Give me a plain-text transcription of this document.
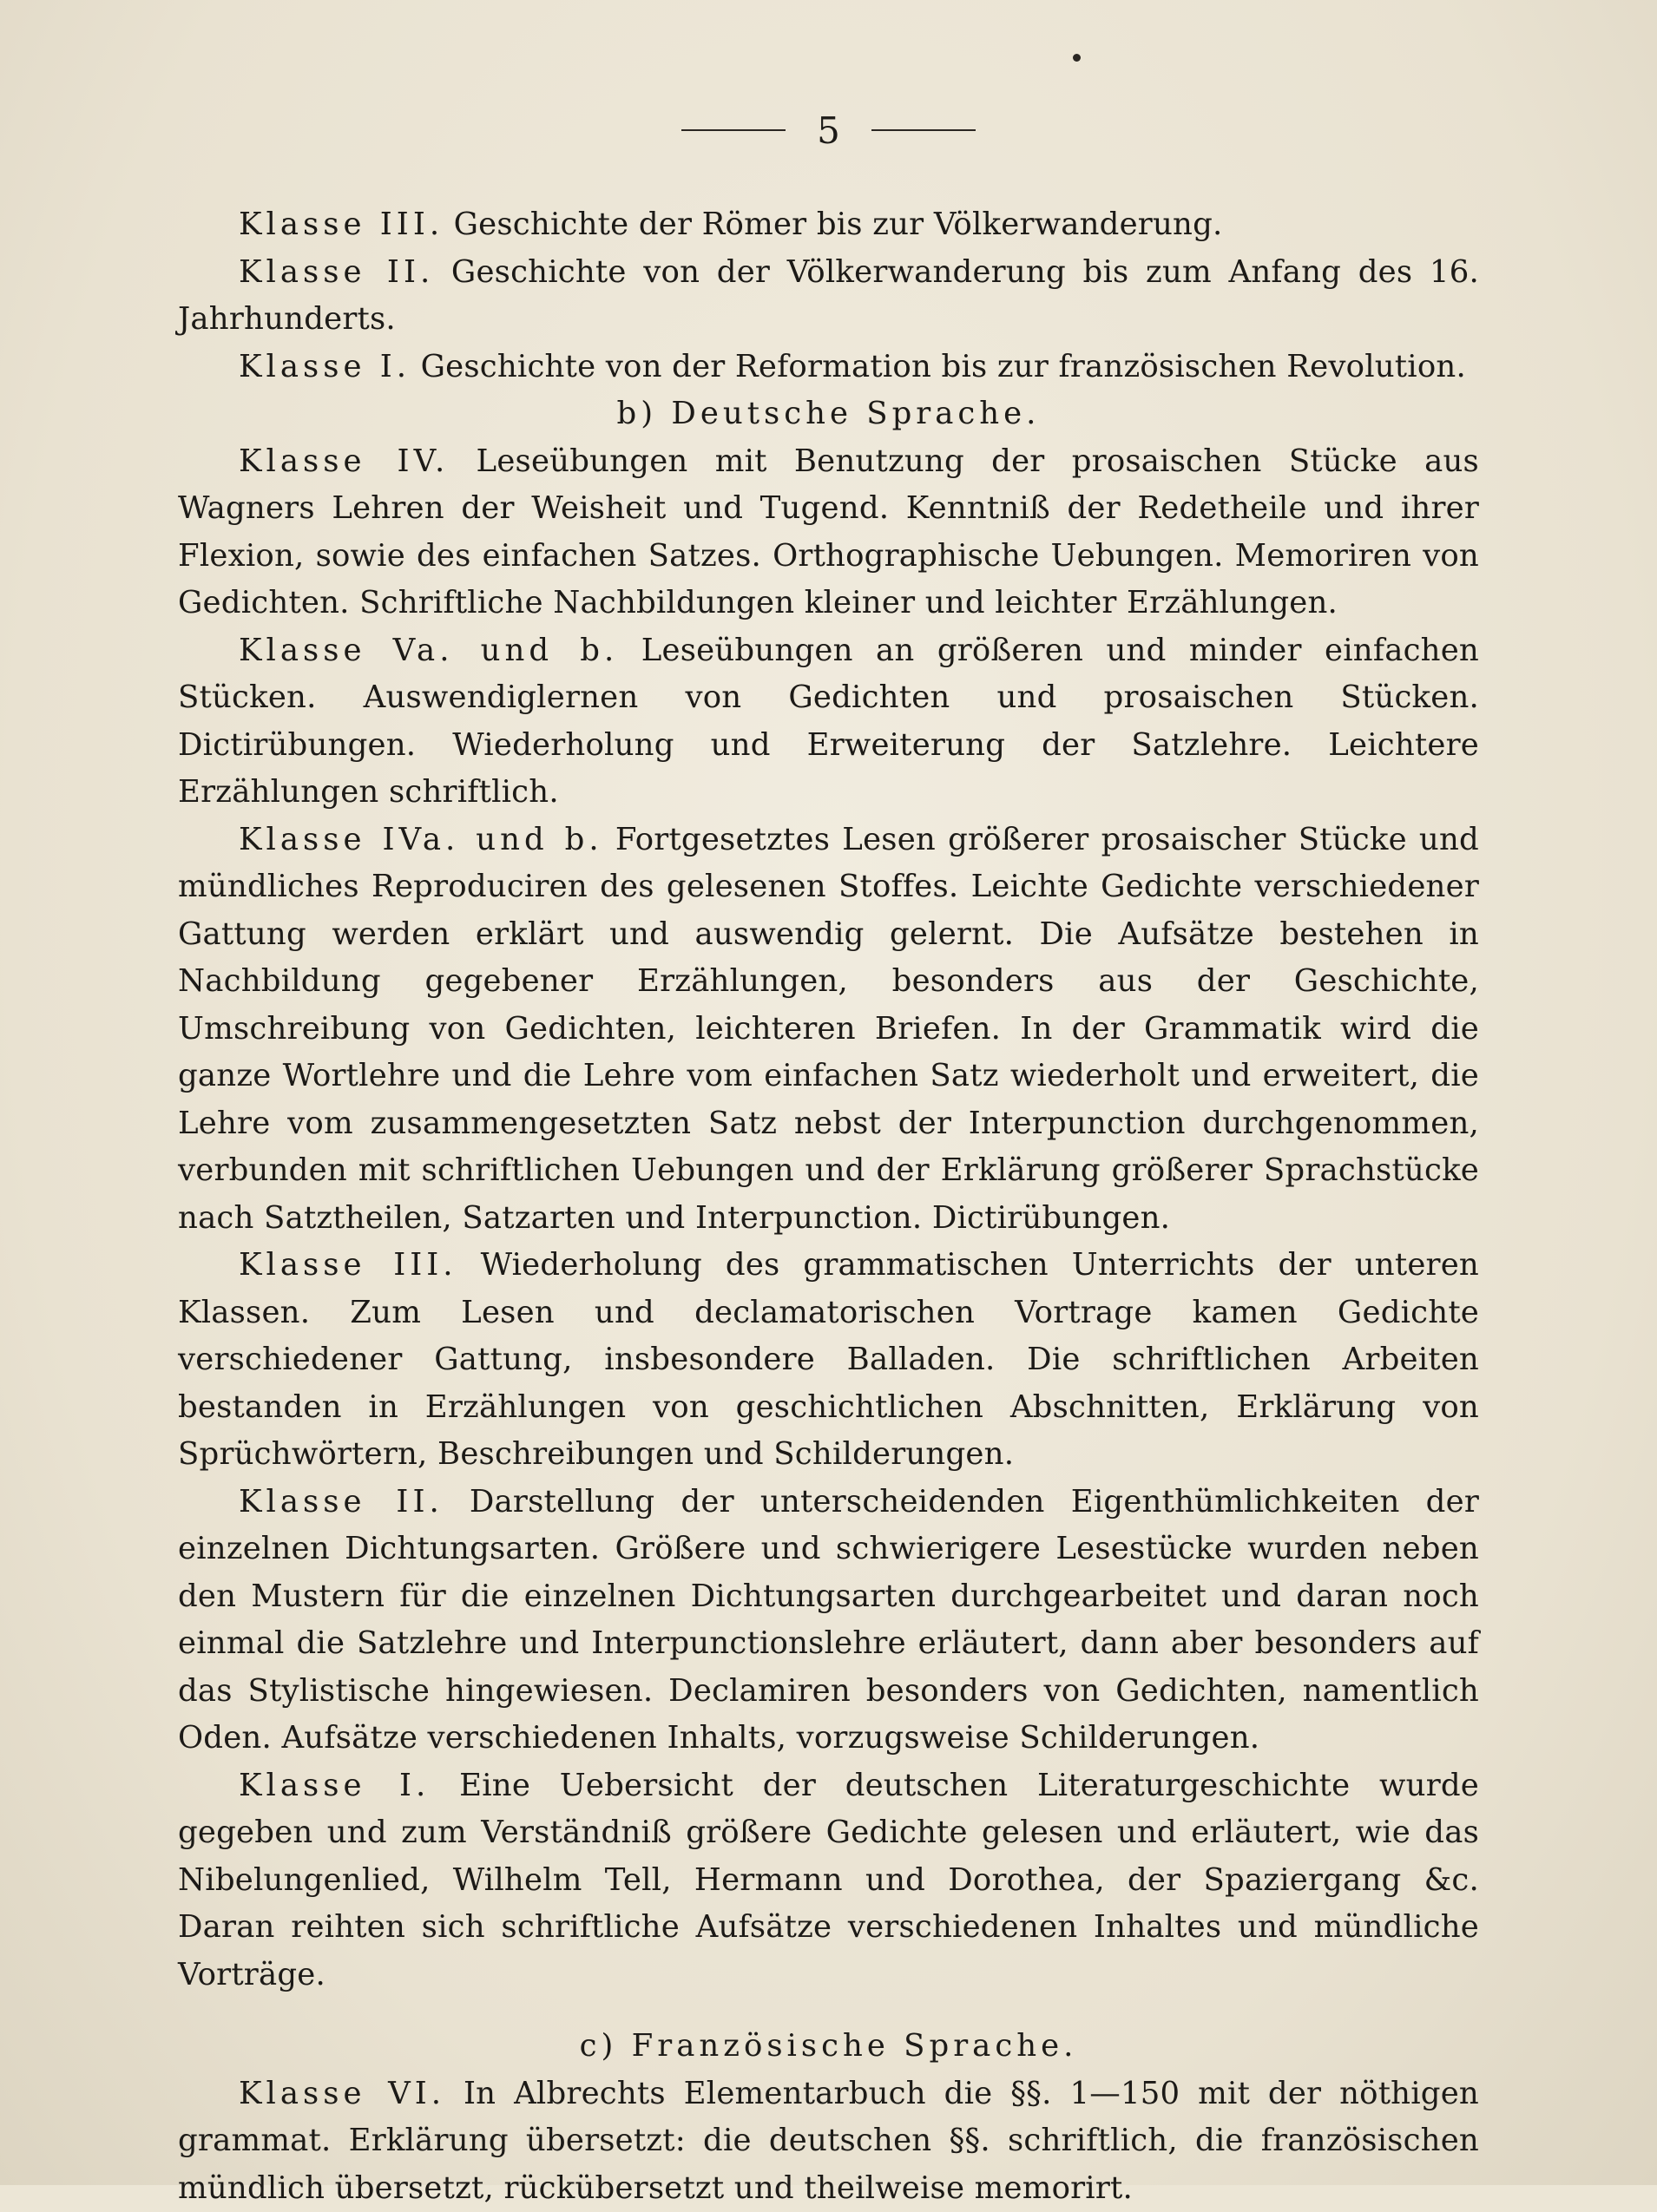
5

Klasse III. Geschichte der Römer bis zur Völkerwanderung.

Klasse II. Geschichte von der Völkerwanderung bis zum Anfang des 16. Jahrhunderts.

Klasse I. Geschichte von der Reformation bis zur französischen Revolution.

b) Deutsche Sprache.

Klasse IV. Leseübungen mit Benutzung der prosaischen Stücke aus Wagners Lehren der Weisheit und Tugend. Kenntniß der Redetheile und ihrer Flexion, sowie des einfachen Satzes. Orthographische Uebungen. Memoriren von Gedichten. Schriftliche Nachbildungen kleiner und leichter Erzählungen.

Klasse Va. und b. Leseübungen an größeren und minder einfachen Stücken. Auswendiglernen von Gedichten und prosaischen Stücken. Dictirübungen. Wiederholung und Erweiterung der Satzlehre. Leichtere Erzählungen schriftlich.

Klasse IVa. und b. Fortgesetztes Lesen größerer prosaischer Stücke und mündliches Reproduciren des gelesenen Stoffes. Leichte Gedichte verschiedener Gattung werden erklärt und auswendig gelernt. Die Aufsätze bestehen in Nachbildung gegebener Erzählungen, besonders aus der Geschichte, Umschreibung von Gedichten, leichteren Briefen. In der Grammatik wird die ganze Wortlehre und die Lehre vom einfachen Satz wiederholt und erweitert, die Lehre vom zusammengesetzten Satz nebst der Interpunction durchgenommen, verbunden mit schriftlichen Uebungen und der Erklärung größerer Sprachstücke nach Satztheilen, Satzarten und Interpunction. Dictirübungen.

Klasse III. Wiederholung des grammatischen Unterrichts der unteren Klassen. Zum Lesen und declamatorischen Vortrage kamen Gedichte verschiedener Gattung, insbesondere Balladen. Die schriftlichen Arbeiten bestanden in Erzählungen von geschichtlichen Abschnitten, Erklärung von Sprüchwörtern, Beschreibungen und Schilderungen.

Klasse II. Darstellung der unterscheidenden Eigenthümlichkeiten der einzelnen Dichtungsarten. Größere und schwierigere Lesestücke wurden neben den Mustern für die einzelnen Dichtungsarten durchgearbeitet und daran noch einmal die Satzlehre und Interpunctionslehre erläutert, dann aber besonders auf das Stylistische hingewiesen. Declamiren besonders von Gedichten, namentlich Oden. Aufsätze verschiedenen Inhalts, vorzugsweise Schilderungen.

Klasse I. Eine Uebersicht der deutschen Literaturgeschichte wurde gegeben und zum Verständniß größere Gedichte gelesen und erläutert, wie das Nibelungenlied, Wilhelm Tell, Hermann und Dorothea, der Spaziergang &c. Daran reihten sich schriftliche Aufsätze verschiedenen Inhaltes und mündliche Vorträge.

c) Französische Sprache.

Klasse VI. In Albrechts Elementarbuch die §§. 1—150 mit der nöthigen grammat. Erklärung übersetzt: die deutschen §§. schriftlich, die französischen mündlich übersetzt, rückübersetzt und theilweise memorirt.
